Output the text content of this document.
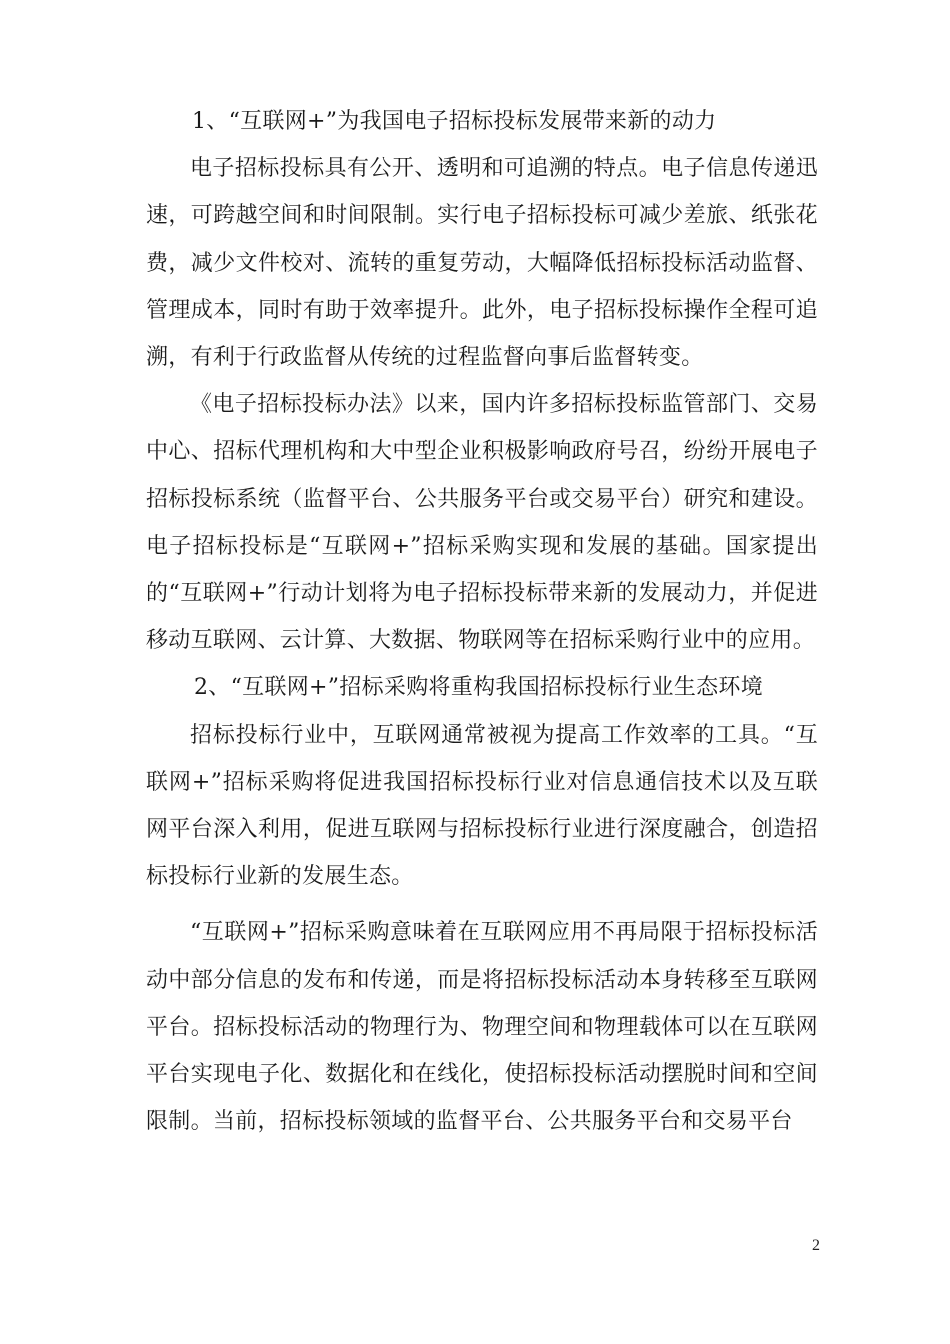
1、“互联网+”为我国电子招标投标发展带来新的动力

电子招标投标具有公开、透明和可追溯的特点。电子信息传递迅速，可跨越空间和时间限制。实行电子招标投标可减少差旅、纸张花费，减少文件校对、流转的重复劳动，大幅降低招标投标活动监督、管理成本，同时有助于效率提升。此外，电子招标投标操作全程可追溯，有利于行政监督从传统的过程监督向事后监督转变。

《电子招标投标办法》以来，国内许多招标投标监管部门、交易中心、招标代理机构和大中型企业积极影响政府号召，纷纷开展电子招标投标系统（监督平台、公共服务平台或交易平台）研究和建设。电子招标投标是“互联网+”招标采购实现和发展的基础。国家提出的“互联网+”行动计划将为电子招标投标带来新的发展动力，并促进移动互联网、云计算、大数据、物联网等在招标采购行业中的应用。

2、“互联网+”招标采购将重构我国招标投标行业生态环境

招标投标行业中，互联网通常被视为提高工作效率的工具。“互联网+”招标采购将促进我国招标投标行业对信息通信技术以及互联网平台深入利用，促进互联网与招标投标行业进行深度融合，创造招标投标行业新的发展生态。

“互联网+”招标采购意味着在互联网应用不再局限于招标投标活动中部分信息的发布和传递，而是将招标投标活动本身转移至互联网平台。招标投标活动的物理行为、物理空间和物理载体可以在互联网平台实现电子化、数据化和在线化，使招标投标活动摆脱时间和空间限制。当前，招标投标领域的监督平台、公共服务平台和交易平台

2
